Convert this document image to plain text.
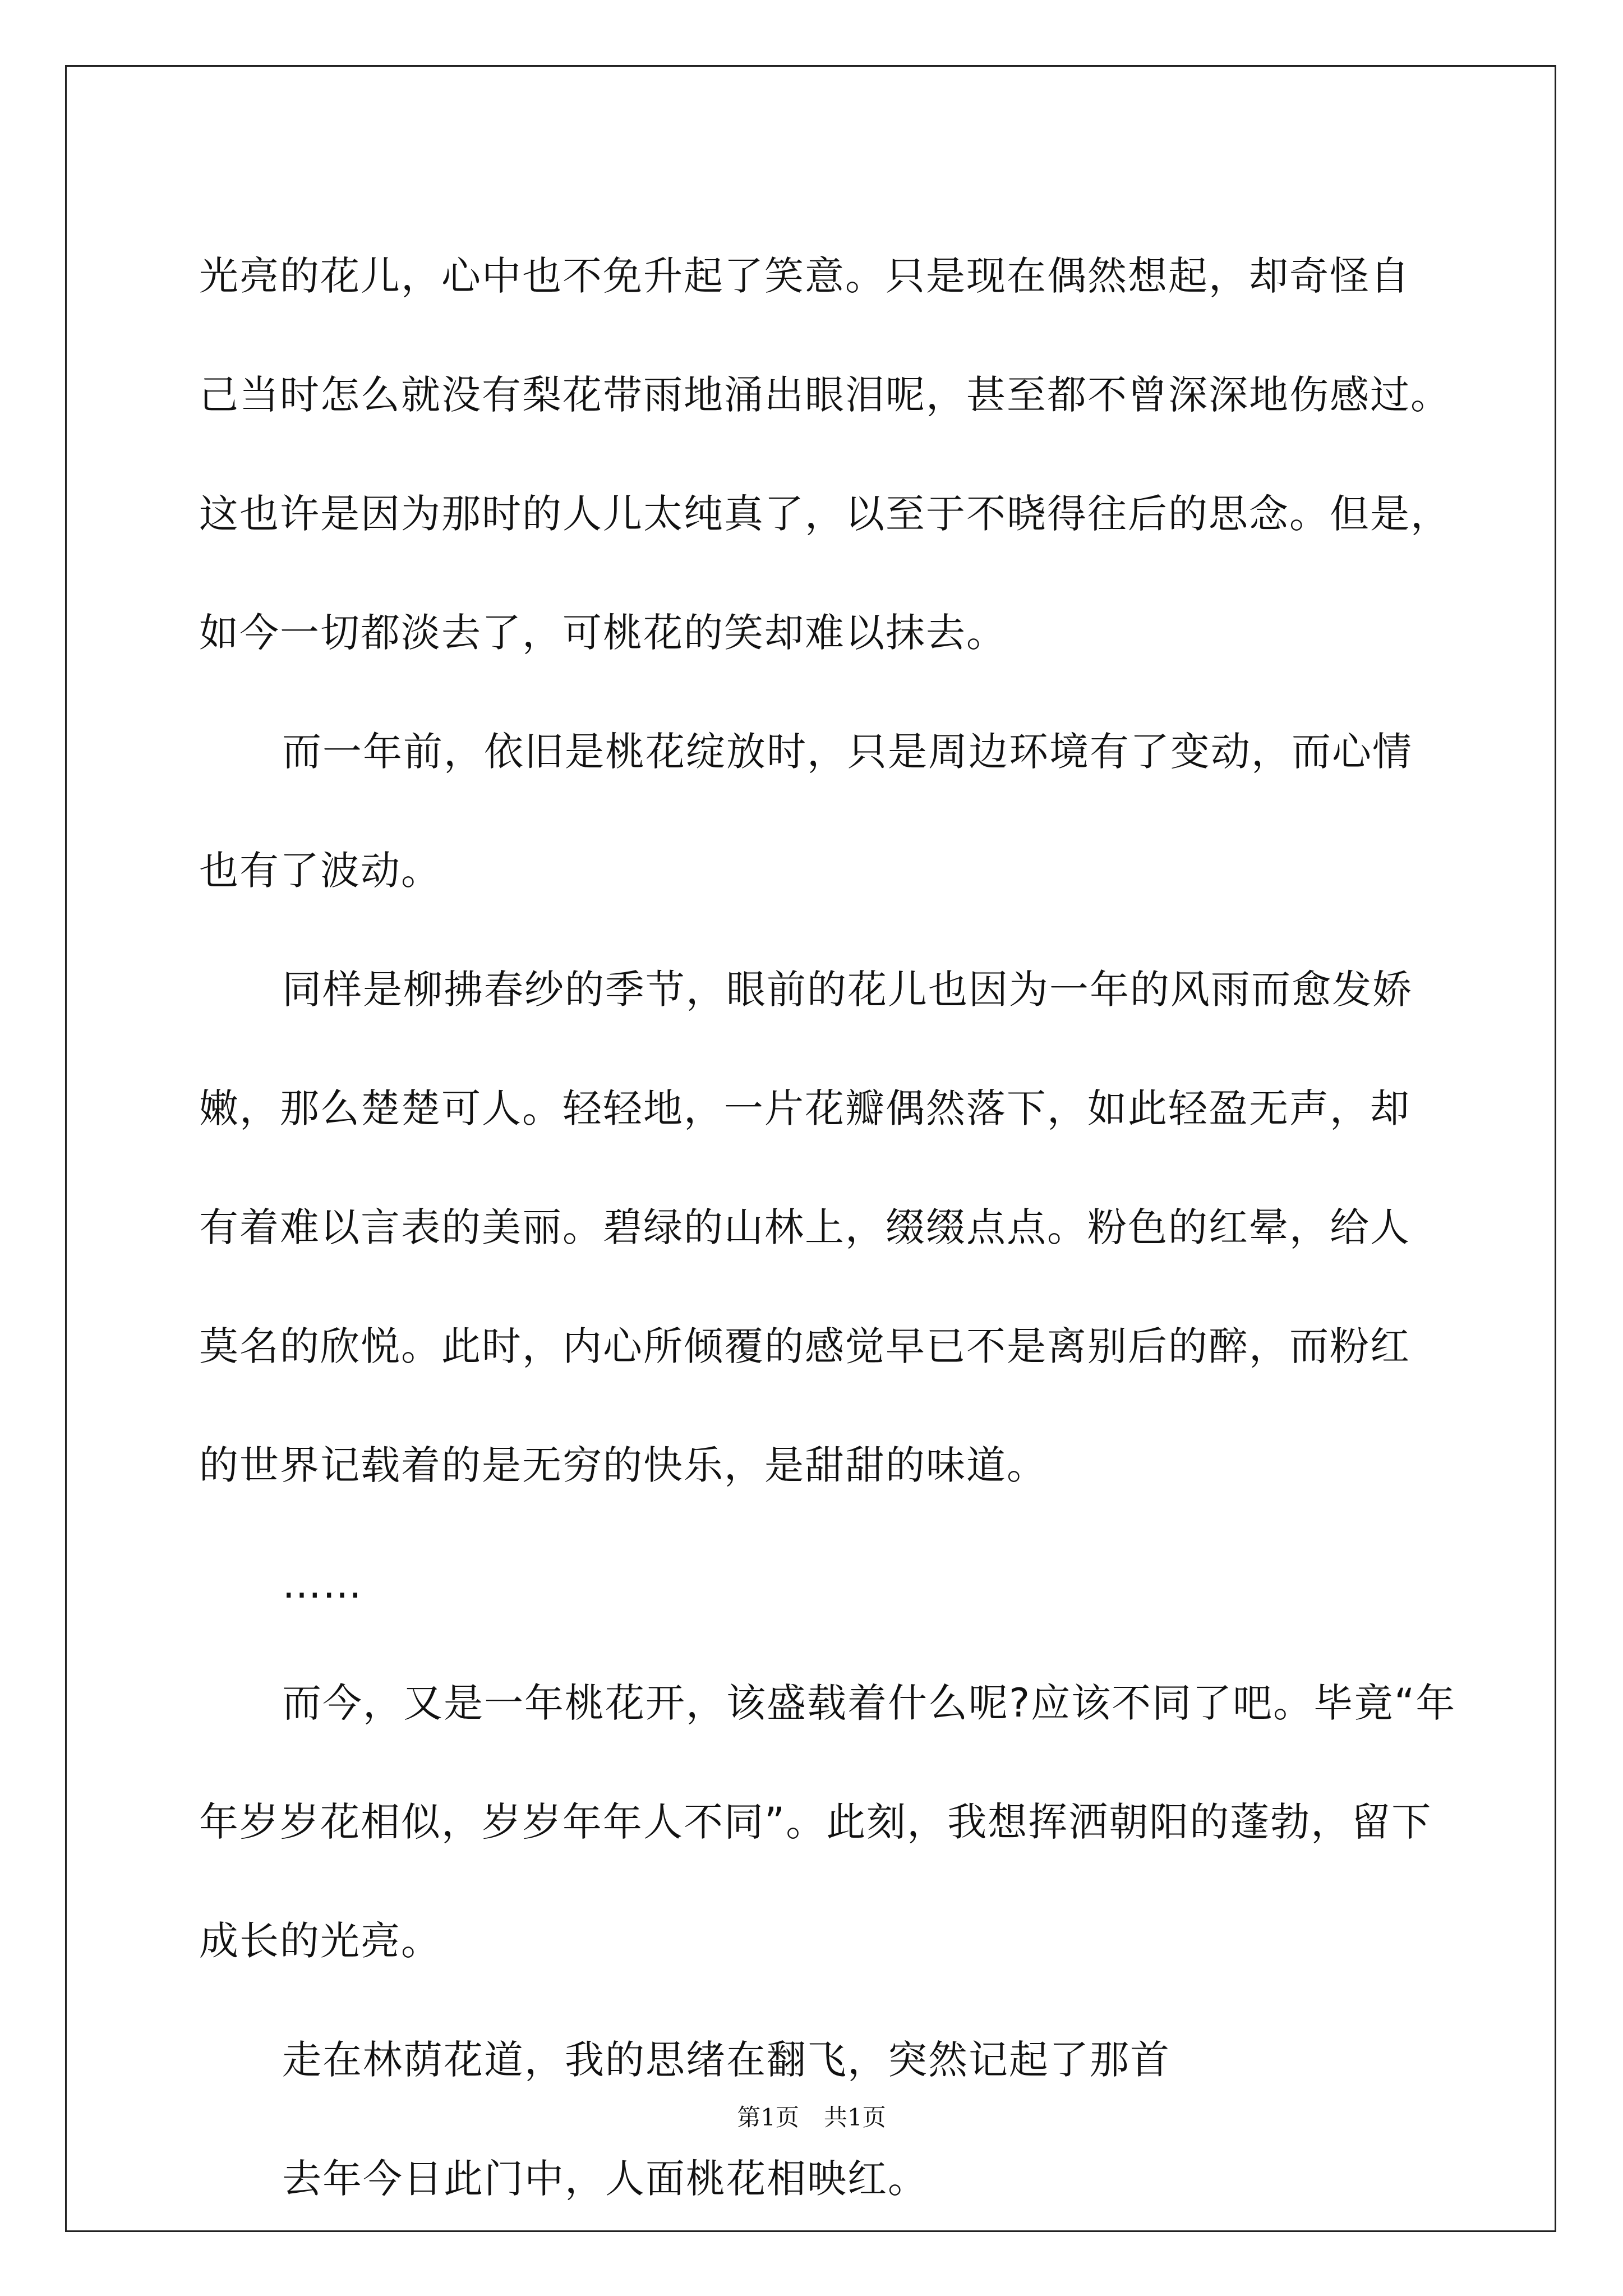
光亮的花儿，心中也不免升起了笑意。只是现在偶然想起，却奇怪自

己当时怎么就没有梨花带雨地涌出眼泪呢，甚至都不曾深深地伤感过。

这也许是因为那时的人儿太纯真了，以至于不晓得往后的思念。但是，

如今一切都淡去了，可桃花的笑却难以抹去。

而一年前，依旧是桃花绽放时，只是周边环境有了变动，而心情

也有了波动。

同样是柳拂春纱的季节，眼前的花儿也因为一年的风雨而愈发娇

嫩，那么楚楚可人。轻轻地，一片花瓣偶然落下，如此轻盈无声，却

有着难以言表的美丽。碧绿的山林上，缀缀点点。粉色的红晕，给人

莫名的欣悦。此时，内心所倾覆的感觉早已不是离别后的醉，而粉红

的世界记载着的是无穷的快乐，是甜甜的味道。

……

而今，又是一年桃花开，该盛载着什么呢?应该不同了吧。毕竟“年

年岁岁花相似，岁岁年年人不同”。此刻，我想挥洒朝阳的蓬勃，留下

成长的光亮。

走在林荫花道，我的思绪在翻飞，突然记起了那首

去年今日此门中，人面桃花相映红。

第1页 共1页
